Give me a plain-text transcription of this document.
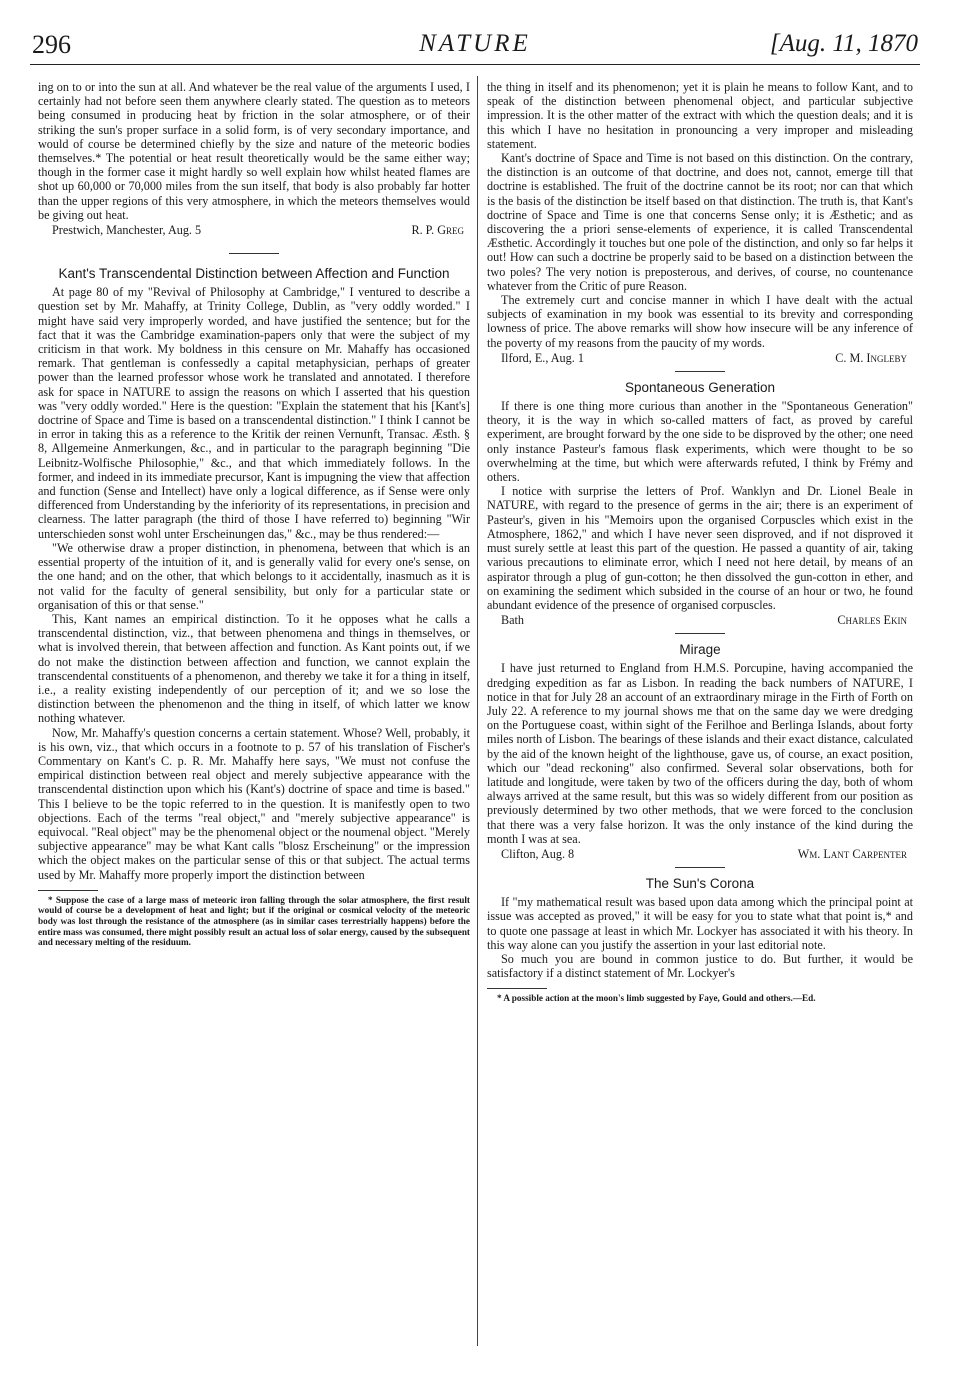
296	NATURE	[Aug. 11, 1870

ing on to or into the sun at all. And whatever be the real value of the arguments I used, I certainly had not before seen them anywhere clearly stated. The question as to meteors being consumed in producing heat by friction in the solar atmosphere, or of their striking the sun's proper surface in a solid form, is of very secondary importance, and would of course be determined chiefly by the size and nature of the meteoric bodies themselves.* The potential or heat result theoretically would be the same either way; though in the former case it might hardly so well explain how whilst heated flames are shot up 60,000 or 70,000 miles from the sun itself, that body is also probably far hotter than the upper regions of this very atmosphere, in which the meteors themselves would be giving out heat.

Prestwich, Manchester, Aug. 5	R. P. Greg
Kant's Transcendental Distinction between Affection and Function

At page 80 of my "Revival of Philosophy at Cambridge," I ventured to describe a question set by Mr. Mahaffy, at Trinity College, Dublin, as "very oddly worded." I might have said very improperly worded, and have justified the sentence; but for the fact that it was the Cambridge examination-papers only that were the subject of my criticism in that work. My boldness in this censure on Mr. Mahaffy has occasioned remark. That gentleman is confessedly a capital metaphysician, perhaps of greater power than the learned professor whose work he translated and annotated. I therefore ask for space in NATURE to assign the reasons on which I asserted that his question was "very oddly worded." Here is the question: "Explain the statement that his [Kant's] doctrine of Space and Time is based on a transcendental distinction." I think I cannot be in error in taking this as a reference to the Kritik der reinen Vernunft, Transac. Æsth. § 8, Allgemeine Anmerkungen, &c., and in particular to the paragraph beginning "Die Leibnitz-Wolfische Philosophie," &c., and that which immediately follows. In the former, and indeed in its immediate precursor, Kant is impugning the view that affection and function (Sense and Intellect) have only a logical difference, as if Sense were only differenced from Understanding by the inferiority of its representations, in precision and clearness. The latter paragraph (the third of those I have referred to) beginning "Wir unterschieden sonst wohl unter Erscheinungen das," &c., may be thus rendered:—

"We otherwise draw a proper distinction, in phenomena, between that which is an essential property of the intuition of it, and is generally valid for every one's sense, on the one hand; and on the other, that which belongs to it accidentally, inasmuch as it is not valid for the faculty of general sensibility, but only for a particular state or organisation of this or that sense."

This, Kant names an empirical distinction. To it he opposes what he calls a transcendental distinction, viz., that between phenomena and things in themselves, or what is involved therein, that between affection and function. As Kant points out, if we do not make the distinction between affection and function, we cannot explain the transcendental constituents of a phenomenon, and thereby we take it for a thing in itself, i.e., a reality existing independently of our perception of it; and we so lose the distinction between the phenomenon and the thing in itself, of which latter we know nothing whatever.

Now, Mr. Mahaffy's question concerns a certain statement. Whose? Well, probably, it is his own, viz., that which occurs in a footnote to p. 57 of his translation of Fischer's Commentary on Kant's C. p. R. Mr. Mahaffy here says, "We must not confuse the empirical distinction between real object and merely subjective appearance with the transcendental distinction upon which his (Kant's) doctrine of space and time is based." This I believe to be the topic referred to in the question. It is manifestly open to two objections. Each of the terms "real object," and "merely subjective appearance" is equivocal. "Real object" may be the phenomenal object or the noumenal object. "Merely subjective appearance" may be what Kant calls "blosz Erscheinung" or the impression which the object makes on the particular sense of this or that subject. The actual terms used by Mr. Mahaffy more properly import the distinction between

* Suppose the case of a large mass of meteoric iron falling through the solar atmosphere, the first result would of course be a development of heat and light; but if the original or cosmical velocity of the meteoric body was lost through the resistance of the atmosphere (as in similar cases terrestrially happens) before the entire mass was consumed, there might possibly result an actual loss of solar energy, caused by the subsequent and necessary melting of the residuum.

the thing in itself and its phenomenon; yet it is plain he means to follow Kant, and to speak of the distinction between phenomenal object, and particular subjective impression. It is the other matter of the extract with which the question deals; and it is this which I have no hesitation in pronouncing a very improper and misleading statement.

Kant's doctrine of Space and Time is not based on this distinction. On the contrary, the distinction is an outcome of that doctrine, and does not, cannot, emerge till that doctrine is established. The fruit of the doctrine cannot be its root; nor can that which is the basis of the distinction be itself based on that distinction. The truth is, that Kant's doctrine of Space and Time is one that concerns Sense only; it is Æsthetic; and as discovering the a priori sense-elements of experience, it is called Transcendental Æsthetic. Accordingly it touches but one pole of the distinction, and only so far helps it out! How can such a doctrine be properly said to be based on a distinction between the two poles? The very notion is preposterous, and derives, of course, no countenance whatever from the Critic of pure Reason.

The extremely curt and concise manner in which I have dealt with the actual subjects of examination in my book was essential to its brevity and corresponding lowness of price. The above remarks will show how insecure will be any inference of the poverty of my reasons from the paucity of my words.

Ilford, E., Aug. 1	C. M. Ingleby
Spontaneous Generation

If there is one thing more curious than another in the "Spontaneous Generation" theory, it is the way in which so-called matters of fact, as proved by careful experiment, are brought forward by the one side to be disproved by the other; one need only instance Pasteur's famous flask experiments, which were thought to be so overwhelming at the time, but which were afterwards refuted, I think by Frémy and others.

I notice with surprise the letters of Prof. Wanklyn and Dr. Lionel Beale in NATURE, with regard to the presence of germs in the air; there is an experiment of Pasteur's, given in his "Memoirs upon the organised Corpuscles which exist in the Atmosphere, 1862," and which I have never seen disproved, and if not disproved it must surely settle at least this part of the question. He passed a quantity of air, taking various precautions to eliminate error, which I need not here detail, by means of an aspirator through a plug of gun-cotton; he then dissolved the gun-cotton in ether, and on examining the sediment which subsided in the course of an hour or two, he found abundant evidence of the presence of organised corpuscles.

Bath	Charles Ekin
Mirage

I have just returned to England from H.M.S. Porcupine, having accompanied the dredging expedition as far as Lisbon. In reading the back numbers of NATURE, I notice in that for July 28 an account of an extraordinary mirage in the Firth of Forth on July 22. A reference to my journal shows me that on the same day we were dredging on the Portuguese coast, within sight of the Ferilhoe and Berlinga Islands, about forty miles north of Lisbon. The bearings of these islands and their exact distance, calculated by the aid of the known height of the lighthouse, gave us, of course, an exact position, which our "dead reckoning" also confirmed. Several solar observations, both for latitude and longitude, were taken by two of the officers during the day, both of whom always arrived at the same result, but this was so widely different from our position as previously determined by two other methods, that we were forced to the conclusion that there was a very false horizon. It was the only instance of the kind during the month I was at sea.

Clifton, Aug. 8	Wm. Lant Carpenter
The Sun's Corona

If "my mathematical result was based upon data among which the principal point at issue was accepted as proved," it will be easy for you to state what that point is,* and to quote one passage at least in which Mr. Lockyer has associated it with his theory. In this way alone can you justify the assertion in your last editorial note.

So much you are bound in common justice to do. But further, it would be satisfactory if a distinct statement of Mr. Lockyer's

* A possible action at the moon's limb suggested by Faye, Gould and others.—Ed.
